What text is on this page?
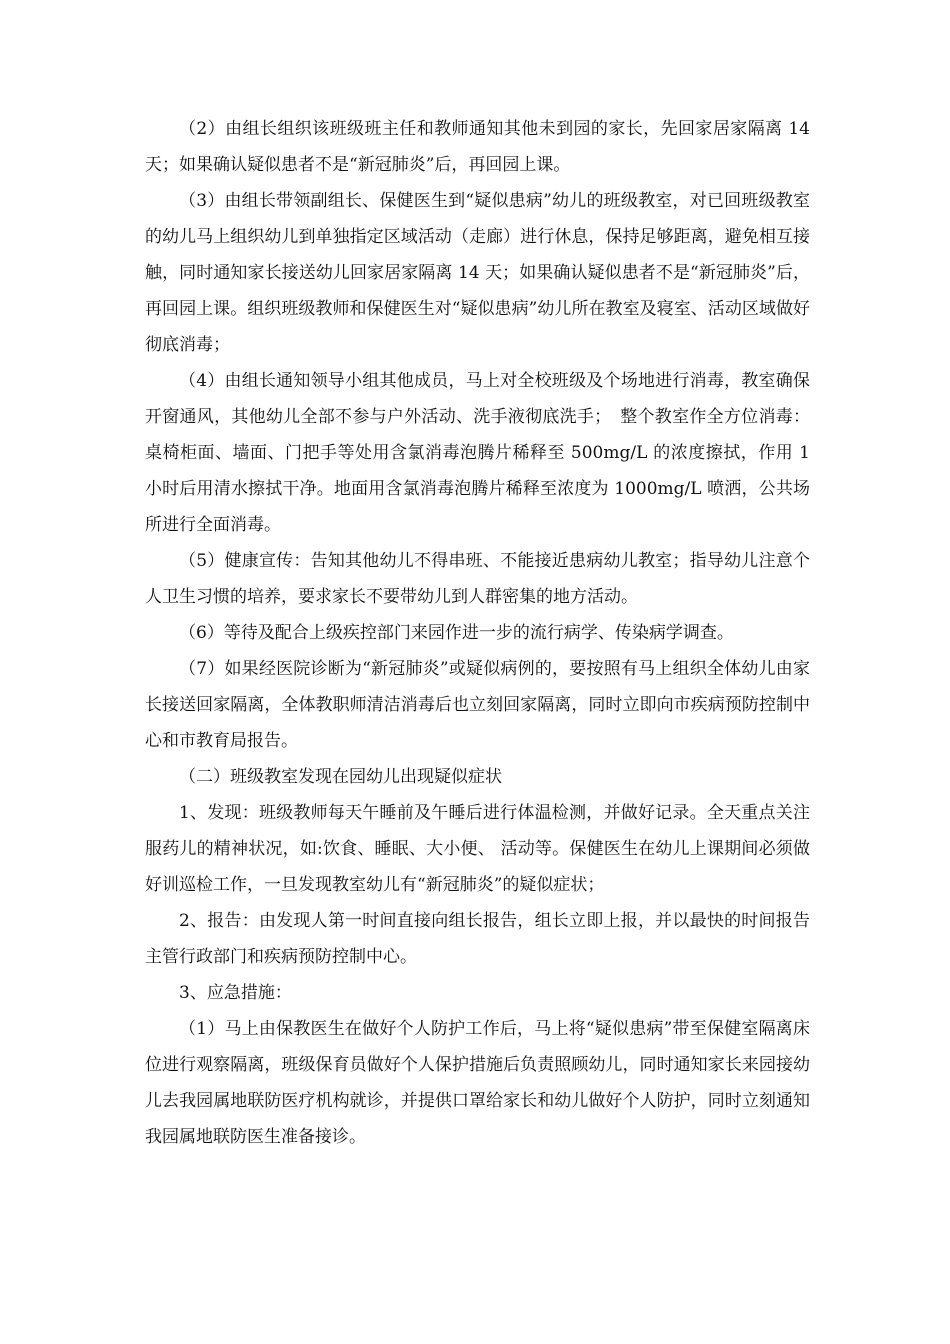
（2）由组长组织该班级班主任和教师通知其他未到园的家长，先回家居家隔离 14 天；如果确认疑似患者不是“新冠肺炎”后，再回园上课。

（3）由组长带领副组长、保健医生到“疑似患病”幼儿的班级教室，对已回班级教室的幼儿马上组织幼儿到单独指定区域活动（走廊）进行休息，保持足够距离，避免相互接触，同时通知家长接送幼儿回家居家隔离 14 天；如果确认疑似患者不是“新冠肺炎”后，再回园上课。组织班级教师和保健医生对“疑似患病”幼儿所在教室及寝室、活动区域做好彻底消毒；

（4）由组长通知领导小组其他成员，马上对全校班级及个场地进行消毒，教室确保开窗通风，其他幼儿全部不参与户外活动、洗手液彻底洗手；　整个教室作全方位消毒：桌椅柜面、墙面、门把手等处用含氯消毒泡腾片稀释至 500mg/L 的浓度擦拭，作用 1 小时后用清水擦拭干净。地面用含氯消毒泡腾片稀释至浓度为 1000mg/L 喷洒，公共场所进行全面消毒。

（5）健康宣传：告知其他幼儿不得串班、不能接近患病幼儿教室；指导幼儿注意个人卫生习惯的培养，要求家长不要带幼儿到人群密集的地方活动。

（6）等待及配合上级疾控部门来园作进一步的流行病学、传染病学调查。

（7）如果经医院诊断为“新冠肺炎”或疑似病例的，要按照有马上组织全体幼儿由家长接送回家隔离，全体教职师清洁消毒后也立刻回家隔离，同时立即向市疾病预防控制中心和市教育局报告。

（二）班级教室发现在园幼儿出现疑似症状

1、发现：班级教师每天午睡前及午睡后进行体温检测，并做好记录。全天重点关注服药儿的精神状况，如:饮食、睡眠、大小便、 活动等。保健医生在幼儿上课期间必须做好训巡检工作，一旦发现教室幼儿有“新冠肺炎”的疑似症状；

2、报告：由发现人第一时间直接向组长报告，组长立即上报，并以最快的时间报告主管行政部门和疾病预防控制中心。

3、应急措施：

（1）马上由保教医生在做好个人防护工作后，马上将“疑似患病”带至保健室隔离床位进行观察隔离，班级保育员做好个人保护措施后负责照顾幼儿，同时通知家长来园接幼儿去我园属地联防医疗机构就诊，并提供口罩给家长和幼儿做好个人防护，同时立刻通知我园属地联防医生准备接诊。
